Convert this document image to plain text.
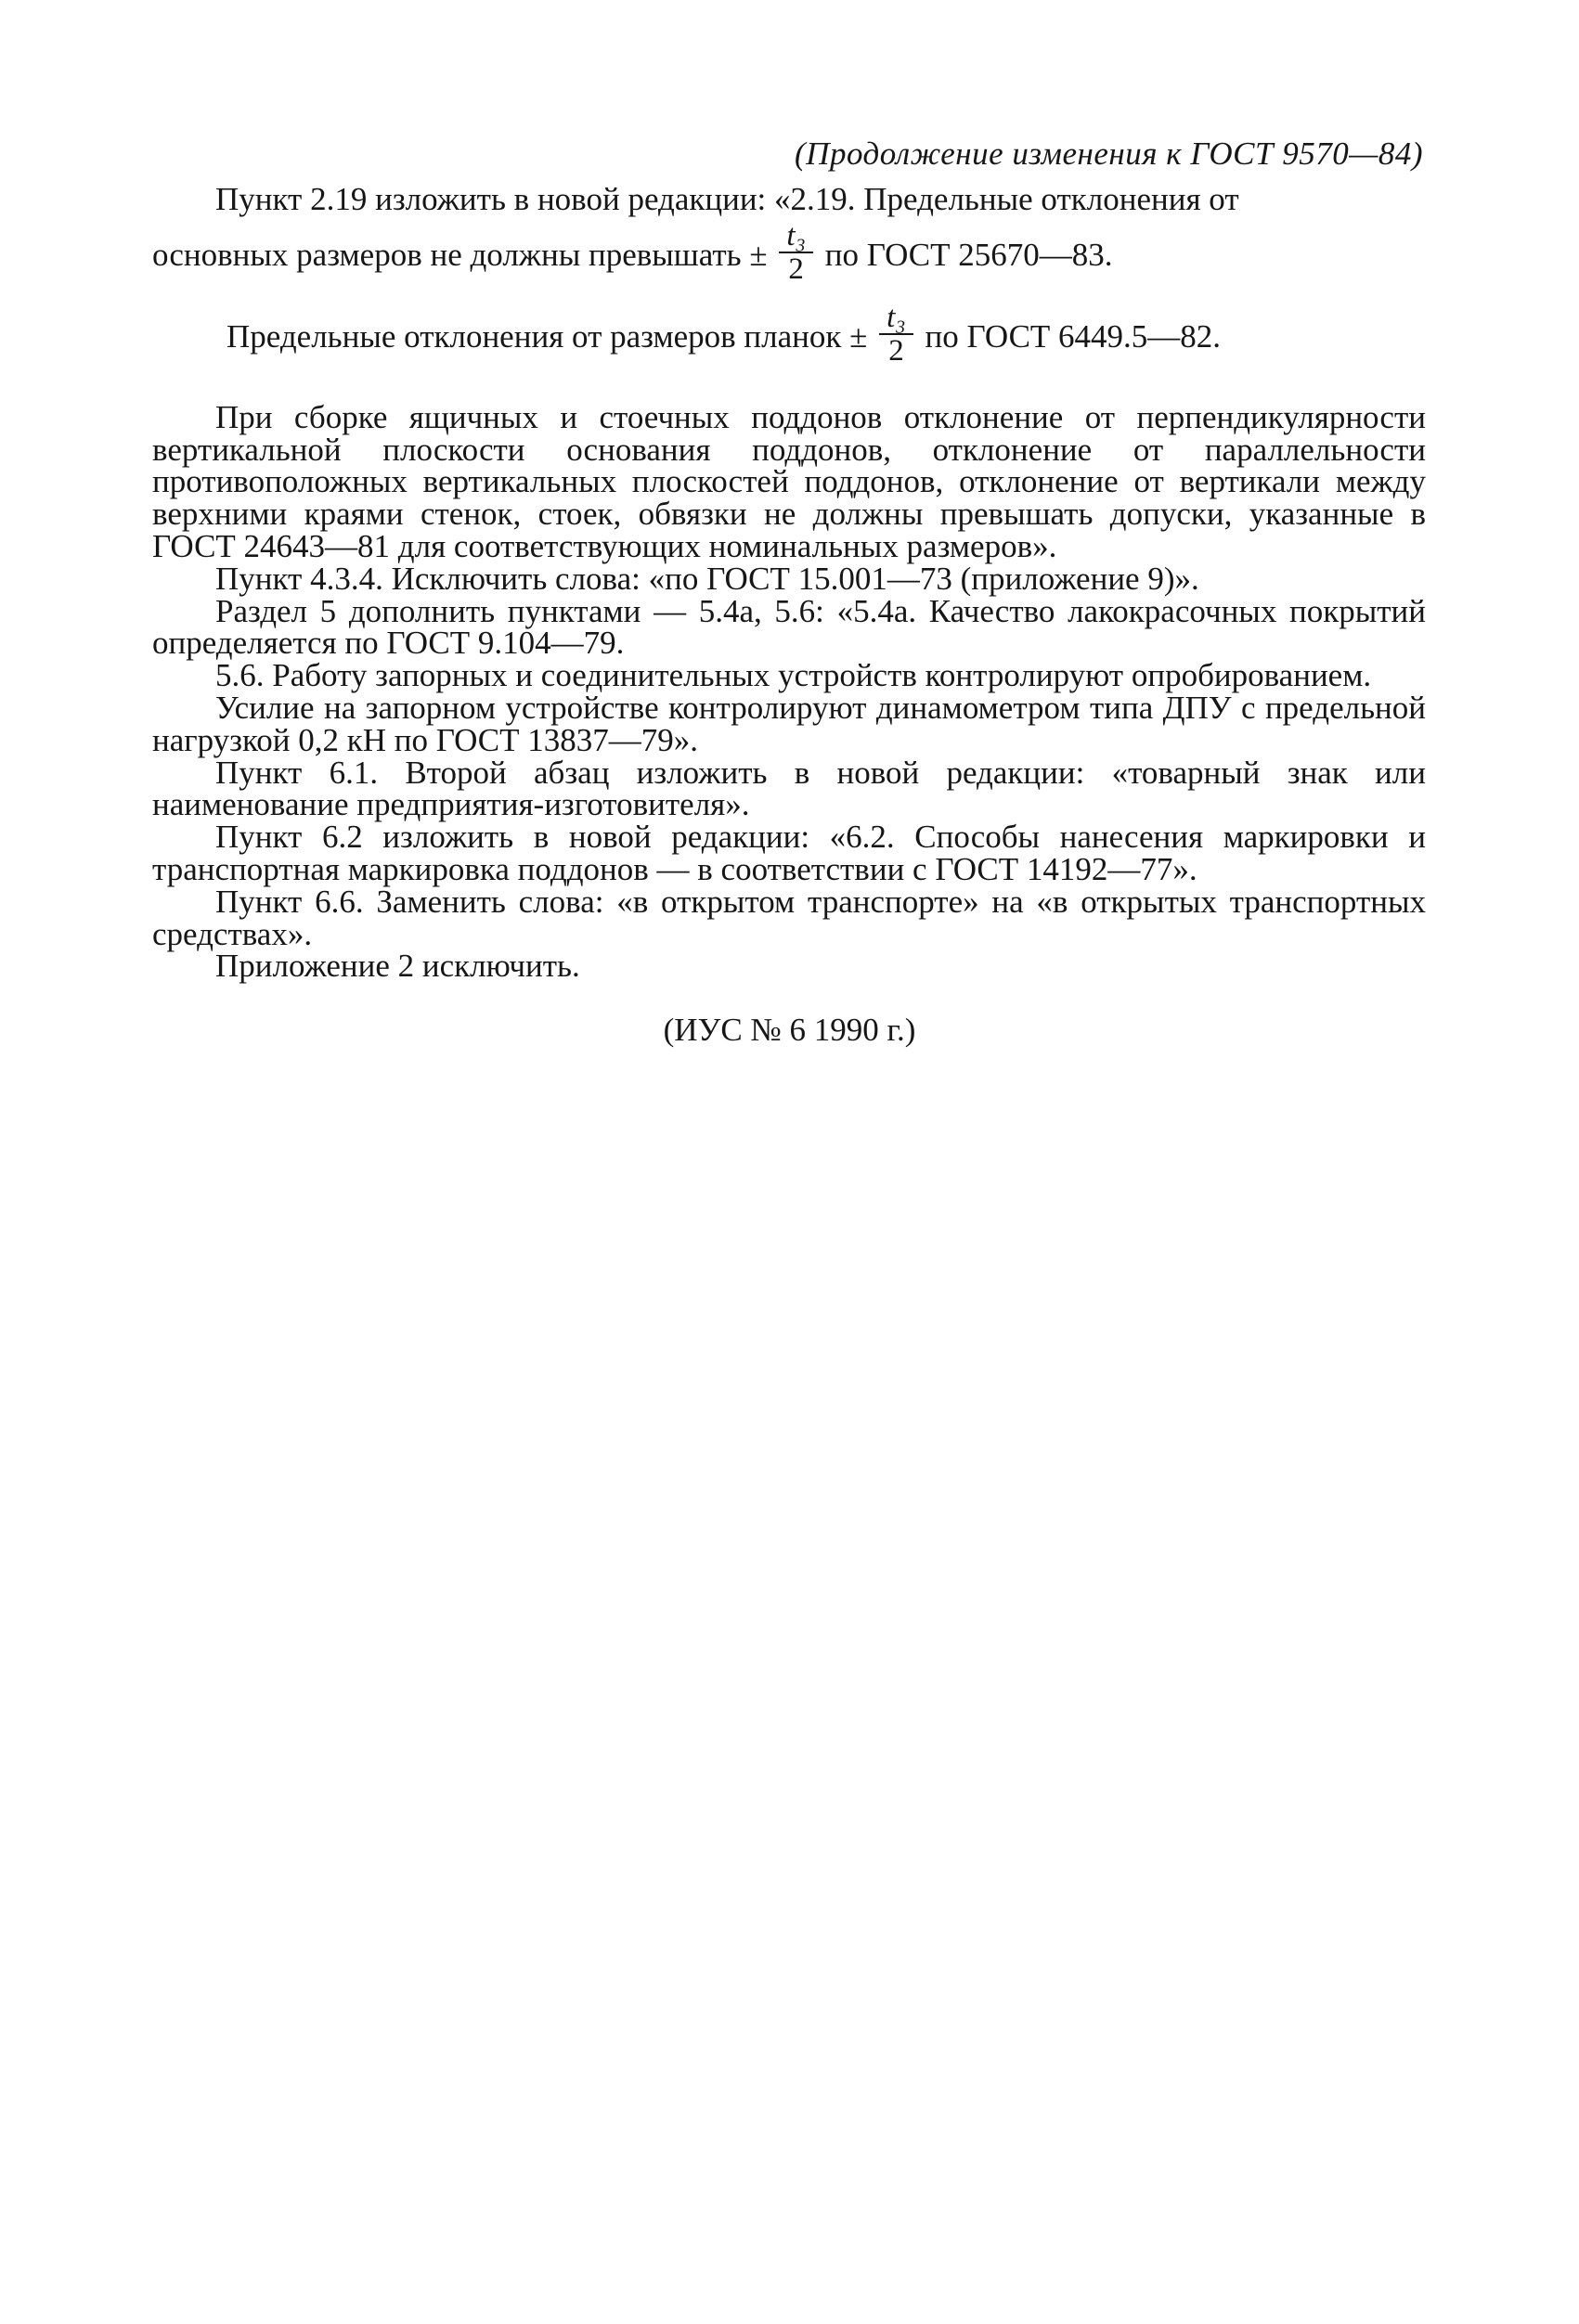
(Продолжение изменения к ГОСТ 9570—84)

Пункт 2.19 изложить в новой редакции: «2.19. Предельные отклонения от

основных размеров не должны превышать ± $\frac{\text{t₃}}{2}$ по ГОСТ 25670—83.
Предельные отклонения от размеров планок ± $\frac{\text{t₃}}{2}$ по ГОСТ 6449.5—82.

При сборке ящичных и стоечных поддонов отклонение от перпендикулярности вертикальной плоскости основания поддонов, отклонение от параллельности противоположных вертикальных плоскостей поддонов, отклонение от вертикали между верхними краями стенок, стоек, обвязки не должны превышать допуски, указанные в ГОСТ 24643—81 для соответствующих номинальных размеров».

Пункт 4.3.4. Исключить слова: «по ГОСТ 15.001—73 (приложение 9)».

Раздел 5 дополнить пунктами — 5.4а, 5.6: «5.4а. Качество лакокрасочных покрытий определяется по ГОСТ 9.104—79.

5.6. Работу запорных и соединительных устройств контролируют опробированием.

Усилие на запорном устройстве контролируют динамометром типа ДПУ с предельной нагрузкой 0,2 кН по ГОСТ 13837—79».

Пункт 6.1. Второй абзац изложить в новой редакции: «товарный знак или наименование предприятия-изготовителя».

Пункт 6.2 изложить в новой редакции: «6.2. Способы нанесения маркировки и транспортная маркировка поддонов — в соответствии с ГОСТ 14192—77».

Пункт 6.6. Заменить слова: «в открытом транспорте» на «в открытых транспортных средствах».

Приложение 2 исключить.

(ИУС № 6 1990 г.)
